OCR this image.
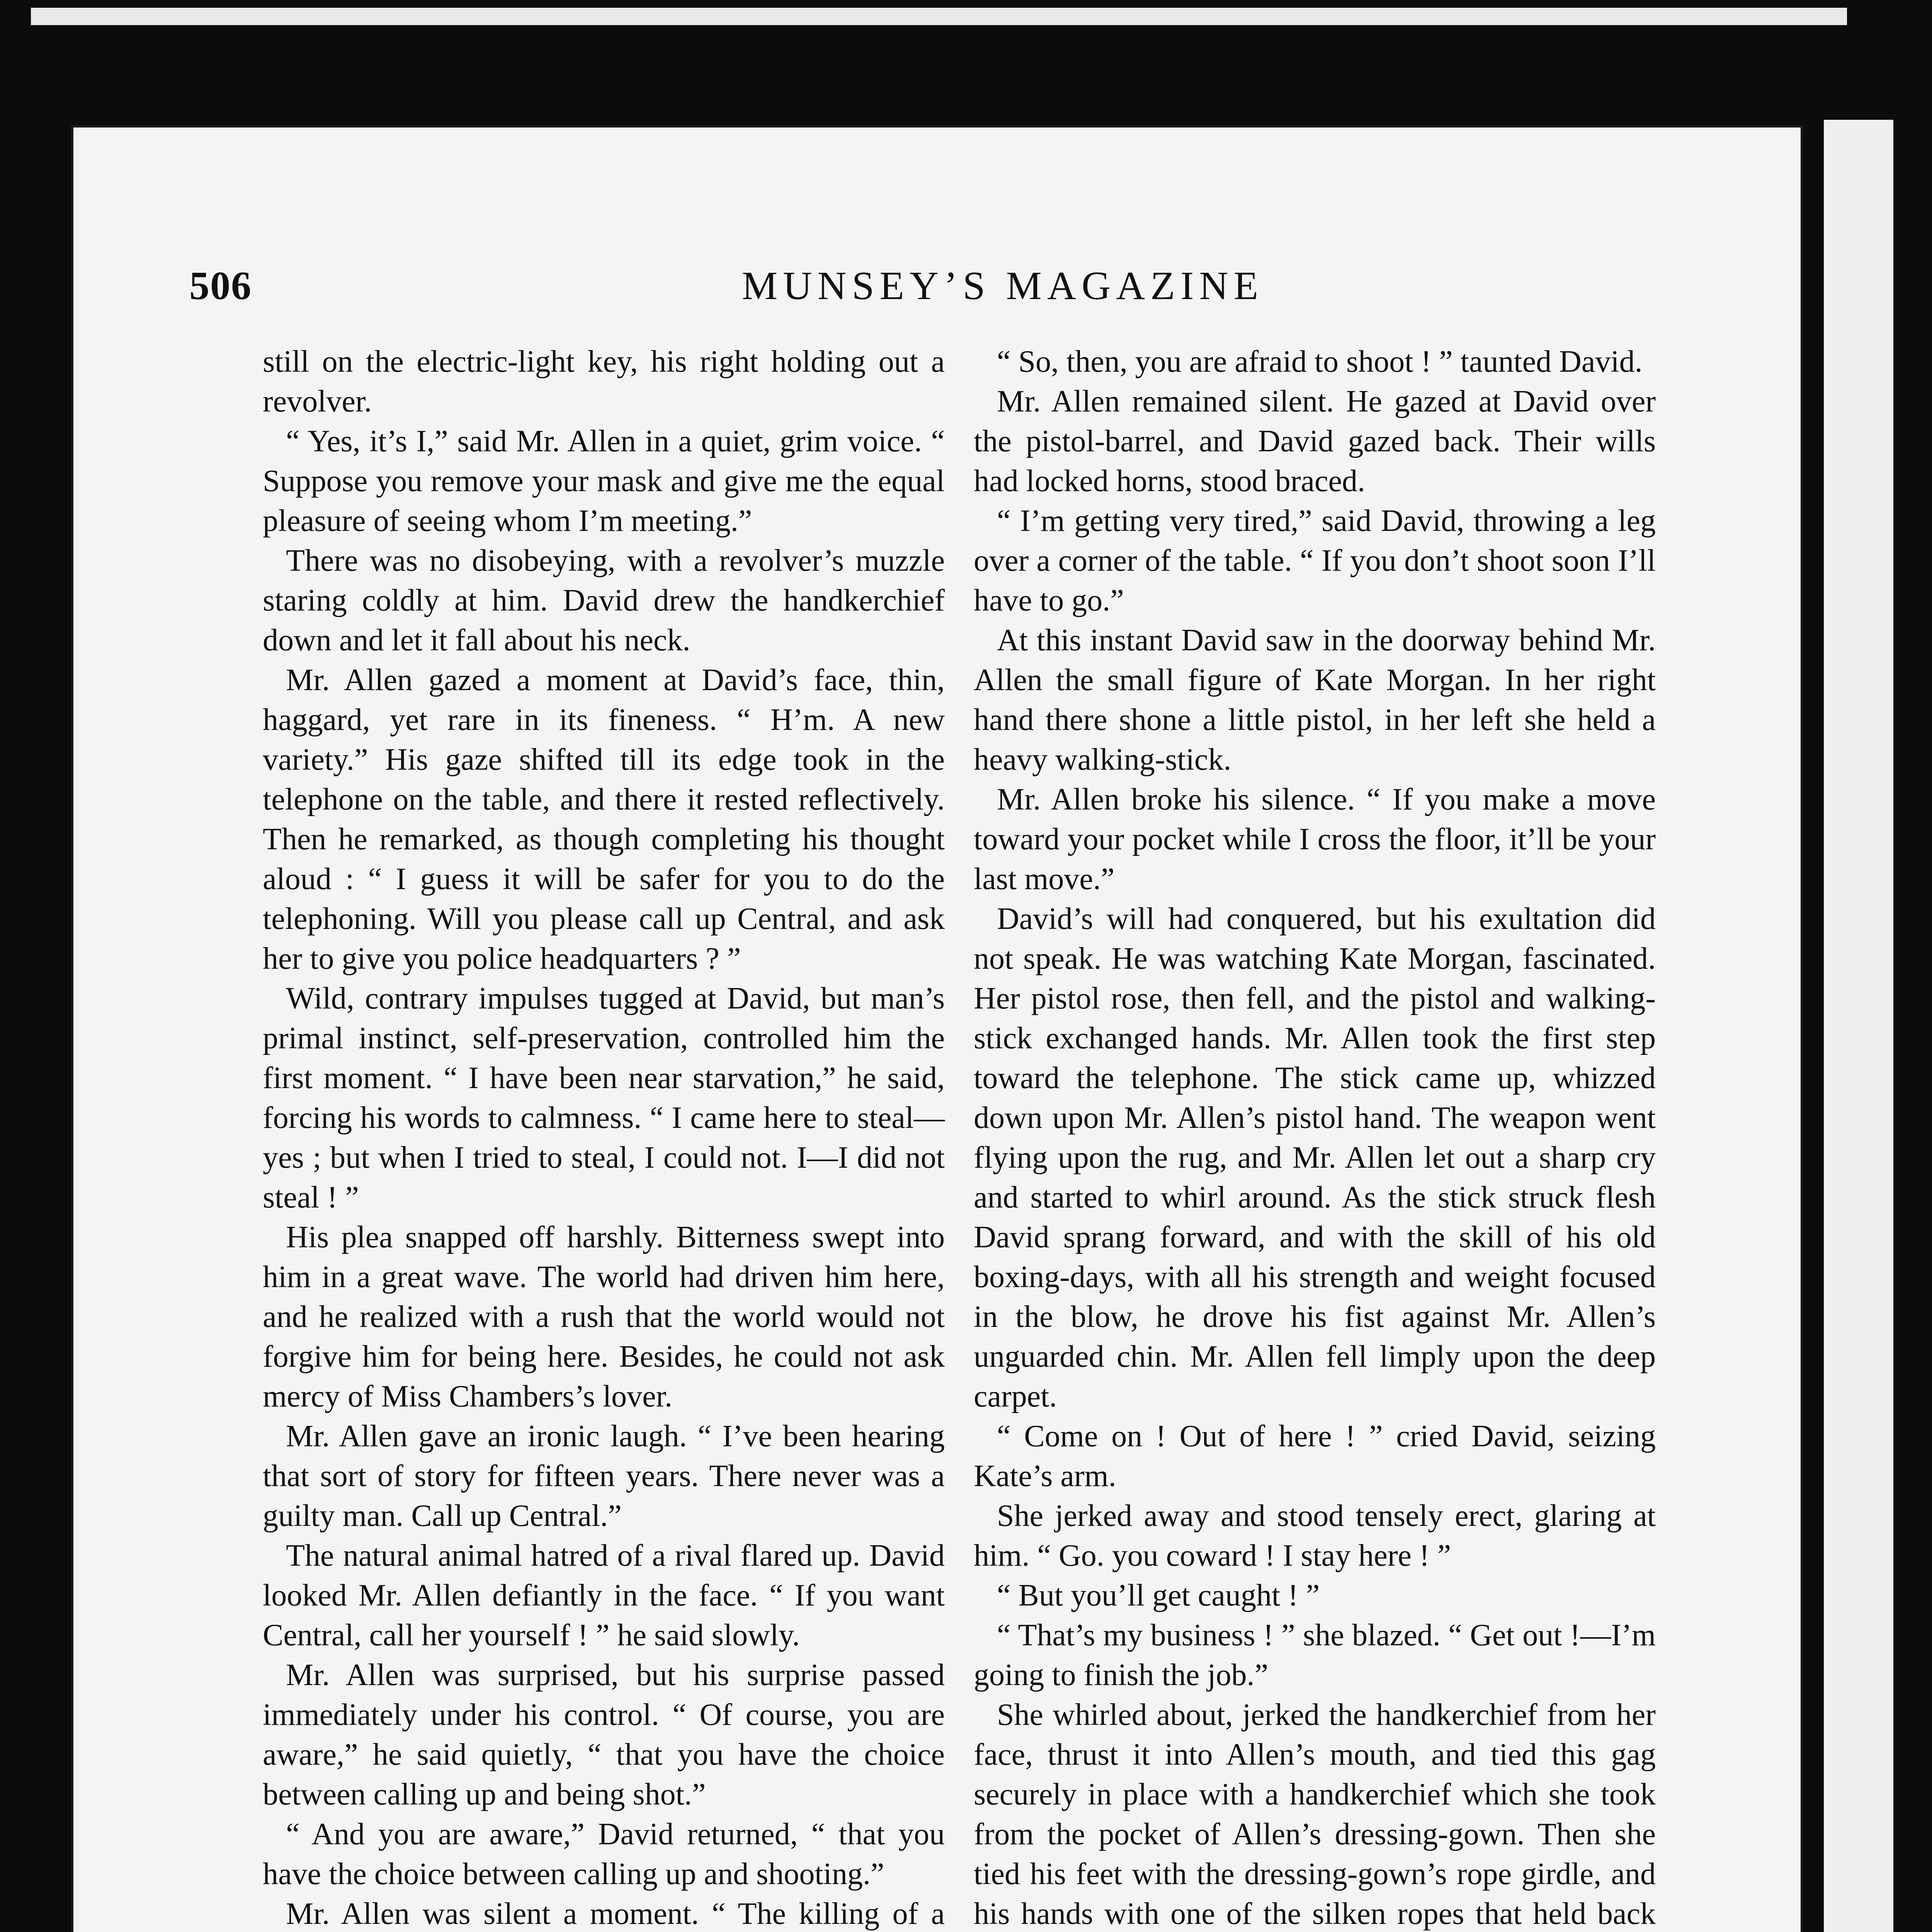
506	MUNSEY’S MAGAZINE

still on the electric-light key, his right holding out a revolver.

“ Yes, it’s I,” said Mr. Allen in a quiet, grim voice. “ Suppose you remove your mask and give me the equal pleasure of seeing whom I’m meeting.”

There was no disobeying, with a revolver’s muzzle staring coldly at him. David drew the handkerchief down and let it fall about his neck.

Mr. Allen gazed a moment at David’s face, thin, haggard, yet rare in its fineness. “ H’m. A new variety.” His gaze shifted till its edge took in the telephone on the table, and there it rested reflectively. Then he remarked, as though completing his thought aloud : “ I guess it will be safer for you to do the telephoning. Will you please call up Central, and ask her to give you police headquarters ? ”

Wild, contrary impulses tugged at David, but man’s primal instinct, self-preservation, controlled him the first moment. “ I have been near starvation,” he said, forcing his words to calmness. “ I came here to steal—yes ; but when I tried to steal, I could not. I—I did not steal ! ”

His plea snapped off harshly. Bitterness swept into him in a great wave. The world had driven him here, and he realized with a rush that the world would not forgive him for being here. Besides, he could not ask mercy of Miss Chambers’s lover.

Mr. Allen gave an ironic laugh. “ I’ve been hearing that sort of story for fifteen years. There never was a guilty man. Call up Central.”

The natural animal hatred of a rival flared up. David looked Mr. Allen defiantly in the face. “ If you want Central, call her yourself ! ” he said slowly.

Mr. Allen was surprised, but his surprise passed immediately under his control. “ Of course, you are aware,” he said quietly, “ that you have the choice between calling up and being shot.”

“ And you are aware,” David returned, “ that you have the choice between calling up and shooting.”

Mr. Allen was silent a moment. “ The killing of a

“ So, then, you are afraid to shoot ! ” taunted David.

Mr. Allen remained silent. He gazed at David over the pistol-barrel, and David gazed back. Their wills had locked horns, stood braced.

“ I’m getting very tired,” said David, throwing a leg over a corner of the table. “ If you don’t shoot soon I’ll have to go.”

At this instant David saw in the doorway behind Mr. Allen the small figure of Kate Morgan. In her right hand there shone a little pistol, in her left she held a heavy walking-stick.

Mr. Allen broke his silence. “ If you make a move toward your pocket while I cross the floor, it’ll be your last move.”

David’s will had conquered, but his exultation did not speak. He was watching Kate Morgan, fascinated. Her pistol rose, then fell, and the pistol and walking-stick exchanged hands. Mr. Allen took the first step toward the telephone. The stick came up, whizzed down upon Mr. Allen’s pistol hand. The weapon went flying upon the rug, and Mr. Allen let out a sharp cry and started to whirl around. As the stick struck flesh David sprang forward, and with the skill of his old boxing-days, with all his strength and weight focused in the blow, he drove his fist against Mr. Allen’s unguarded chin. Mr. Allen fell limply upon the deep carpet.

“ Come on ! Out of here ! ” cried David, seizing Kate’s arm.

She jerked away and stood tensely erect, glaring at him. “ Go. you coward ! I stay here ! ”

“ But you’ll get caught ! ”

“ That’s my business ! ” she blazed. “ Get out !—I’m going to finish the job.”

She whirled about, jerked the handkerchief from her face, thrust it into Allen’s mouth, and tied this gag securely in place with a handkerchief which she took from the pocket of Allen’s dressing-gown. Then she tied his feet with the dressing-gown’s rope girdle, and his hands with one of the silken ropes that held back
